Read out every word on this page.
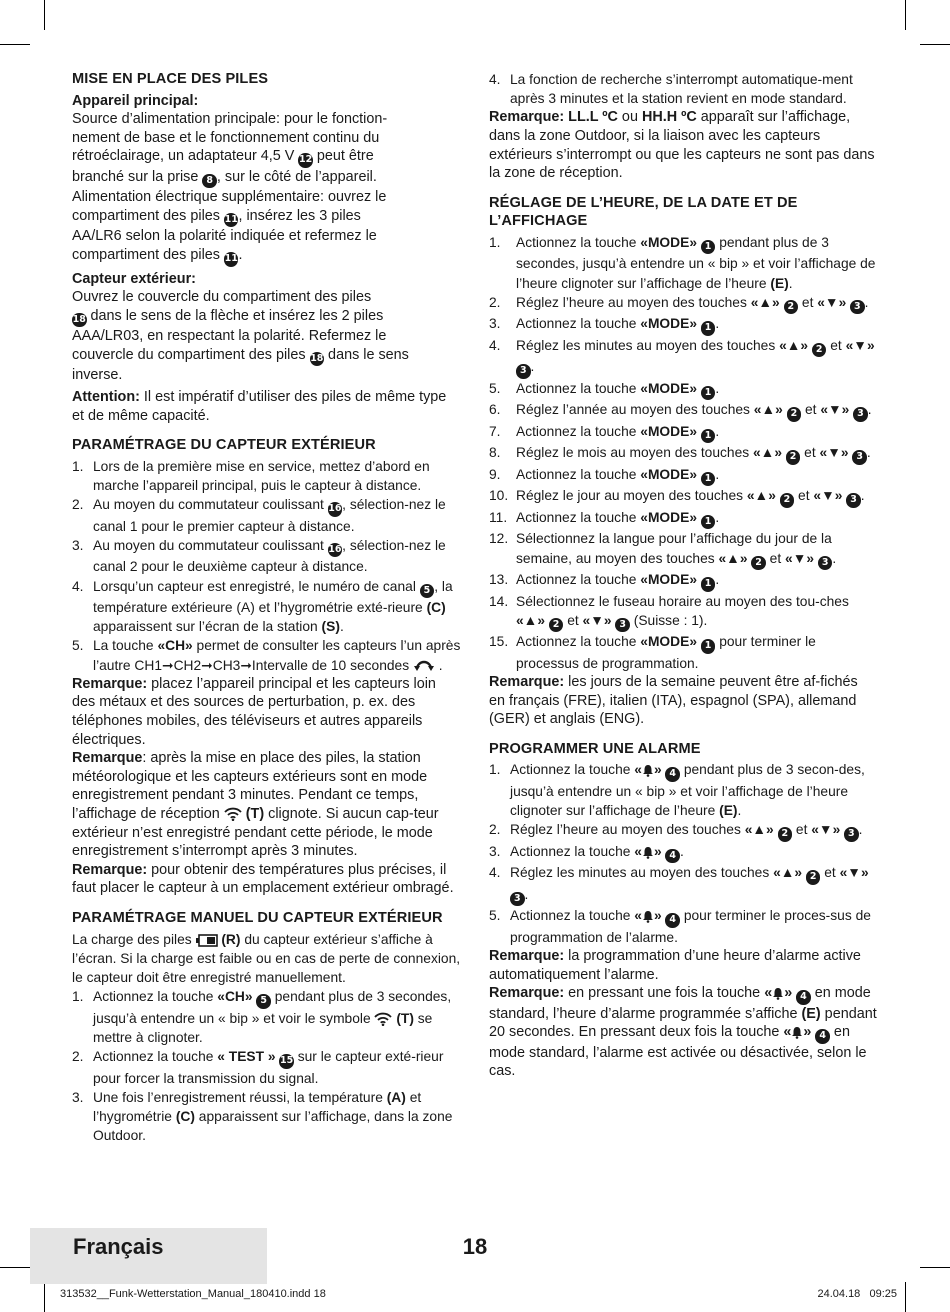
MISE EN PLACE DES PILES
Appareil principal:

Source d’alimentation principale: pour le fonction-
nement de base et le fonctionnement continu du
rétroéclairage, un adaptateur 4,5 V 12 peut être
branché sur la prise 8 , sur le côté de l’appareil.
Alimentation électrique supplémentaire: ouvrez le
compartiment des piles 11, insérez les 3 piles
AA/LR6 selon la polarité indiquée et refermez le
compartiment des piles 11.

Capteur extérieur:

Ouvrez le couvercle du compartiment des piles
18 dans le sens de la flèche et insérez les 2 piles
AAA/LR03, en respectant la polarité. Refermez le
couvercle du compartiment des piles 18 dans le sens
inverse.

Attention: Il est impératif d’utiliser des piles de même type et de même capacité.

PARAMÉTRAGE DU CAPTEUR EXTÉRIEUR
1. Lors de la première mise en service, mettez d’abord en marche l’appareil principal, puis le capteur à distance.
2. Au moyen du commutateur coulissant 16, sélection-nez le canal 1 pour le premier capteur à distance.
3. Au moyen du commutateur coulissant 16, sélection-nez le canal 2 pour le deuxième capteur à distance.
4. Lorsqu’un capteur est enregistré, le numéro de canal 5 , la température extérieure (A) et l’hygrométrie exté-rieure (C) apparaissent sur l’écran de la station (S).
5. La touche «CH» permet de consulter les capteurs l’un après l’autre CH1➞CH2➞CH3➞Intervalle de 10 secondes  .

Remarque: placez l’appareil principal et les capteurs loin des métaux et des sources de perturbation, p. ex. des téléphones mobiles, des téléviseurs et autres appareils électriques.

Remarque: après la mise en place des piles, la station météorologique et les capteurs extérieurs sont en mode enregistrement pendant 3 minutes. Pendant ce temps, l’affichage de réception  (T) clignote. Si aucun cap-teur extérieur n’est enregistré pendant cette période, le mode enregistrement s’interrompt après 3 minutes.

Remarque: pour obtenir des températures plus précises, il faut placer le capteur à un emplacement extérieur ombragé.

PARAMÉTRAGE MANUEL DU CAPTEUR EXTÉRIEUR

La charge des piles  (R) du capteur extérieur s’affiche à l’écran. Si la charge est faible ou en cas de perte de connexion, le capteur doit être enregistré manuellement.

1. Actionnez la touche «CH» 5 pendant plus de 3 secondes, jusqu’à entendre un « bip » et voir le symbole  (T) se mettre à clignoter.
2. Actionnez la touche « TEST » 15 sur le capteur exté-rieur pour forcer la transmission du signal.
3. Une fois l’enregistrement réussi, la température (A) et l’hygrométrie (C) apparaissent sur l’affichage, dans la zone Outdoor.
4. La fonction de recherche s’interrompt automatique-ment après 3 minutes et la station revient en mode standard.

Remarque: LL.L ºC ou HH.H ºC apparaît sur l’affichage, dans la zone Outdoor, si la liaison avec les capteurs extérieurs s’interrompt ou que les capteurs ne sont pas dans la zone de réception.

RÉGLAGE DE L’HEURE, DE LA DATE ET DE L’AFFICHAGE
1. Actionnez la touche «MODE» 1 pendant plus de 3 secondes, jusqu’à entendre un « bip » et voir l’affichage de l’heure clignoter sur l’affichage de l’heure (E).
2. Réglez l’heure au moyen des touches «▲» 2 et «▼» 3 .
3. Actionnez la touche «MODE» 1 .
4. Réglez les minutes au moyen des touches «▲» 2 et «▼» 3 .
5. Actionnez la touche «MODE» 1 .
6. Réglez l’année au moyen des touches «▲» 2 et «▼» 3 .
7. Actionnez la touche «MODE» 1 .
8. Réglez le mois au moyen des touches «▲» 2 et «▼» 3 .
9. Actionnez la touche «MODE» 1 .
10. Réglez le jour au moyen des touches «▲» 2 et «▼» 3 .
11. Actionnez la touche «MODE» 1 .
12. Sélectionnez la langue pour l’affichage du jour de la semaine, au moyen des touches «▲» 2 et «▼» 3 .
13. Actionnez la touche «MODE» 1 .
14. Sélectionnez le fuseau horaire au moyen des tou-ches «▲» 2 et «▼» 3 (Suisse : 1).
15. Actionnez la touche «MODE» 1 pour terminer le processus de programmation.

Remarque: les jours de la semaine peuvent être af-fichés en français (FRE), italien (ITA), espagnol (SPA), allemand (GER) et anglais (ENG).

PROGRAMMER UNE ALARME
1. Actionnez la touche « » 4 pendant plus de 3 secon-des, jusqu’à entendre un « bip » et voir l’affichage de l’heure clignoter sur l’affichage de l’heure (E).
2. Réglez l’heure au moyen des touches «▲» 2 et «▼» 3 .
3. Actionnez la touche « » 4 .
4. Réglez les minutes au moyen des touches «▲» 2 et «▼» 3 .
5. Actionnez la touche « » 4 pour terminer le proces-sus de programmation de l’alarme.

Remarque: la programmation d’une heure d’alarme active automatiquement l’alarme.

Remarque: en pressant une fois la touche « » 4 en mode standard, l’heure d’alarme programmée s’affiche (E) pendant 20 secondes. En pressant deux fois la touche « » 4 en mode standard, l’alarme est activée ou désactivée, selon le cas.

Français	18
313532__Funk-Wetterstation_Manual_180410.indd 18	24.04.18   09:25
